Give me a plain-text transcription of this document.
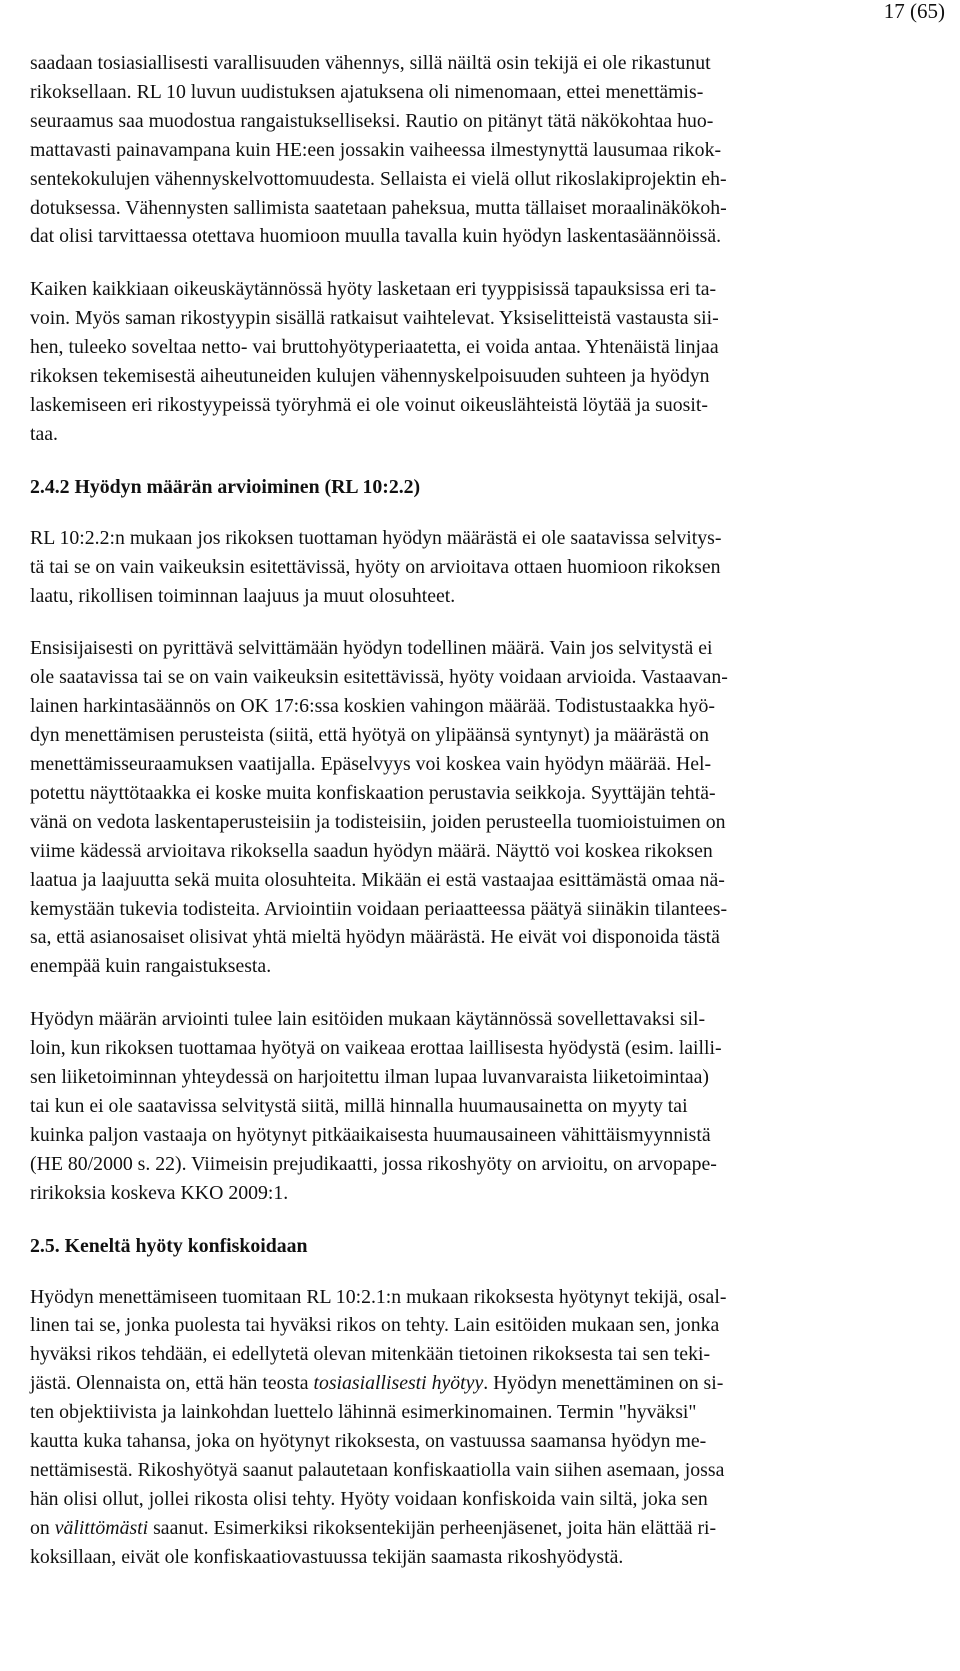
17 (65)
saadaan tosiasiallisesti varallisuuden vähennys, sillä näiltä osin tekijä ei ole rikastunut
rikoksellaan. RL 10 luvun uudistuksen ajatuksena oli nimenomaan, ettei menettämis-
seuraamus saa muodostua rangaistukselliseksi. Rautio on pitänyt tätä näkökohtaa huo-
mattavasti painavampana kuin HE:een jossakin vaiheessa ilmestynyttä lausumaa rikok-
sentekokulujen vähennyskelvottomuudesta. Sellaista ei vielä ollut rikoslakiprojektin eh-
dotuksessa. Vähennysten sallimista saatetaan paheksua, mutta tällaiset moraalinäkökoh-
dat olisi tarvittaessa otettava huomioon muulla tavalla kuin hyödyn laskentasäännöissä.
Kaiken kaikkiaan oikeuskäytännössä hyöty lasketaan eri tyyppisissä tapauksissa eri ta-
voin. Myös saman rikostyypin sisällä ratkaisut vaihtelevat. Yksiselitteistä vastausta sii-
hen, tuleeko soveltaa netto- vai bruttohyötyperiaatetta, ei voida antaa. Yhtenäistä linjaa
rikoksen tekemisestä aiheutuneiden kulujen vähennyskelpoisuuden suhteen ja hyödyn
laskemiseen eri rikostyypeissä työryhmä ei ole voinut oikeuslähteistä löytää ja suosit-
taa.
2.4.2 Hyödyn määrän arvioiminen (RL 10:2.2)
RL 10:2.2:n mukaan jos rikoksen tuottaman hyödyn määrästä ei ole saatavissa selvitys-
tä tai se on vain vaikeuksin esitettävissä, hyöty on arvioitava ottaen huomioon rikoksen
laatu, rikollisen toiminnan laajuus ja muut olosuhteet.
Ensisijaisesti on pyrittävä selvittämään hyödyn todellinen määrä. Vain jos selvitystä ei
ole saatavissa tai se on vain vaikeuksin esitettävissä, hyöty voidaan arvioida. Vastaavan-
lainen harkintasäännös on OK 17:6:ssa koskien vahingon määrää. Todistustaakka hyö-
dyn menettämisen perusteista (siitä, että hyötyä on ylipäänsä syntynyt) ja määrästä on
menettämisseuraamuksen vaatijalla. Epäselvyys voi koskea vain hyödyn määrää. Hel-
potettu näyttötaakka ei koske muita konfiskaation perustavia seikkoja. Syyttäjän tehtä-
vänä on vedota laskentaperusteisiin ja todisteisiin, joiden perusteella tuomioistuimen on
viime kädessä arvioitava rikoksella saadun hyödyn määrä. Näyttö voi koskea rikoksen
laatua ja laajuutta sekä muita olosuhteita. Mikään ei estä vastaajaa esittämästä omaa nä-
kemystään tukevia todisteita. Arviointiin voidaan periaatteessa päätyä siinäkin tilantees-
sa, että asianosaiset olisivat yhtä mieltä hyödyn määrästä. He eivät voi disponoida tästä
enempää kuin rangaistuksesta.
Hyödyn määrän arviointi tulee lain esitöiden mukaan käytännössä sovellettavaksi sil-
loin, kun rikoksen tuottamaa hyötyä on vaikeaa erottaa laillisesta hyödystä (esim. lailli-
sen liiketoiminnan yhteydessä on harjoitettu ilman lupaa luvanvaraista liiketoimintaa)
tai kun ei ole saatavissa selvitystä siitä, millä hinnalla huumausainetta on myyty tai
kuinka paljon vastaaja on hyötynyt pitkäaikaisesta huumausaineen vähittäismyynnistä
(HE 80/2000 s. 22). Viimeisin prejudikaatti, jossa rikoshyöty on arvioitu, on arvopape-
ririkoksia koskeva KKO 2009:1.
2.5. Keneltä hyöty konfiskoidaan
Hyödyn menettämiseen tuomitaan RL 10:2.1:n mukaan rikoksesta hyötynyt tekijä, osal-
linen tai se, jonka puolesta tai hyväksi rikos on tehty. Lain esitöiden mukaan sen, jonka
hyväksi rikos tehdään, ei edellytetä olevan mitenkään tietoinen rikoksesta tai sen teki-
jästä. Olennaista on, että hän teosta tosiasiallisesti hyötyy. Hyödyn menettäminen on si-
ten objektiivista ja lainkohdan luettelo lähinnä esimerkinomainen. Termin "hyväksi"
kautta kuka tahansa, joka on hyötynyt rikoksesta, on vastuussa saamansa hyödyn me-
nettämisestä. Rikoshyötyä saanut palautetaan konfiskaatiolla vain siihen asemaan, jossa
hän olisi ollut, jollei rikosta olisi tehty. Hyöty voidaan konfiskoida vain siltä, joka sen
on välittömästi saanut. Esimerkiksi rikoksentekijän perheenjäsenet, joita hän elättää ri-
koksillaan, eivät ole konfiskaatiovastuussa tekijän saamasta rikoshyödystä.
